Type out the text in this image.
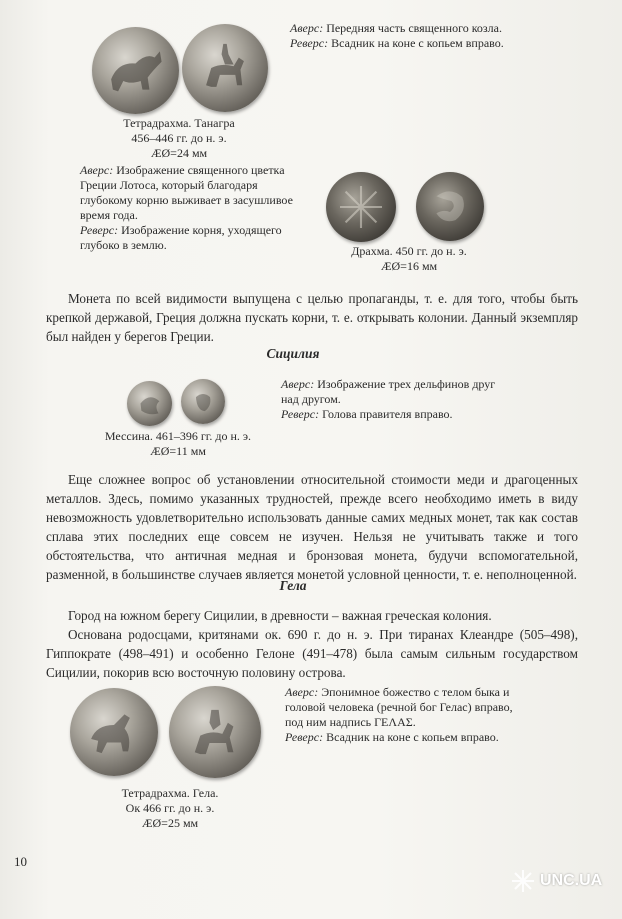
Тетрадрахма. Танагра
456–446 гг. до н. э.
ÆØ=24 мм
Аверс: Передняя часть священного козла.
Реверс: Всадник на коне с копьем вправо.
Аверс: Изображение священного цветка Греции Лотоса, который благодаря глубокому корню выживает в засушливое время года.
Реверс: Изображение корня, уходящего глубоко в землю.	Драхма. 450 гг. до н. э.
ÆØ=16 мм
Монета по всей видимости выпущена с целью пропаганды, т. е. для того, чтобы быть крепкой державой, Греция должна пускать корни, т. е. открывать колонии. Данный экземпляр был найден у берегов Греции.
Сицилия
Мессина. 461–396 гг. до н. э.
ÆØ=11 мм
Аверс: Изображение трех дельфинов друг над другом.
Реверс: Голова правителя вправо.
Еще сложнее вопрос об установлении относительной стоимости меди и драгоценных металлов. Здесь, помимо указанных трудностей, прежде всего необходимо иметь в виду невозможность удовлетворительно использовать данные самих медных монет, так как состав сплава этих последних еще совсем не изучен. Нельзя не учитывать также и того обстоятельства, что античная медная и бронзовая монета, будучи вспомогательной, разменной, в большинстве случаев является монетой условной ценности, т. е. неполноценной.
Гела
Город на южном берегу Сицилии, в древности – важная греческая колония.
Основана родосцами, критянами ок. 690 г. до н. э. При тиранах Клеандре (505–498), Гиппократе (498–491) и особенно Гелоне (491–478) была самым сильным государством Сицилии, покорив всю восточную половину острова.
Тетрадрахма. Гела.
Ок 466 гг. до н. э.
ÆØ=25 мм
Аверс: Эпонимное божество с телом быка и головой человека (речной бог Гелас) вправо, под ним надпись ΓΕΛΑΣ.
Реверс: Всадник на коне с копьем вправо.
10
UNC.UA
